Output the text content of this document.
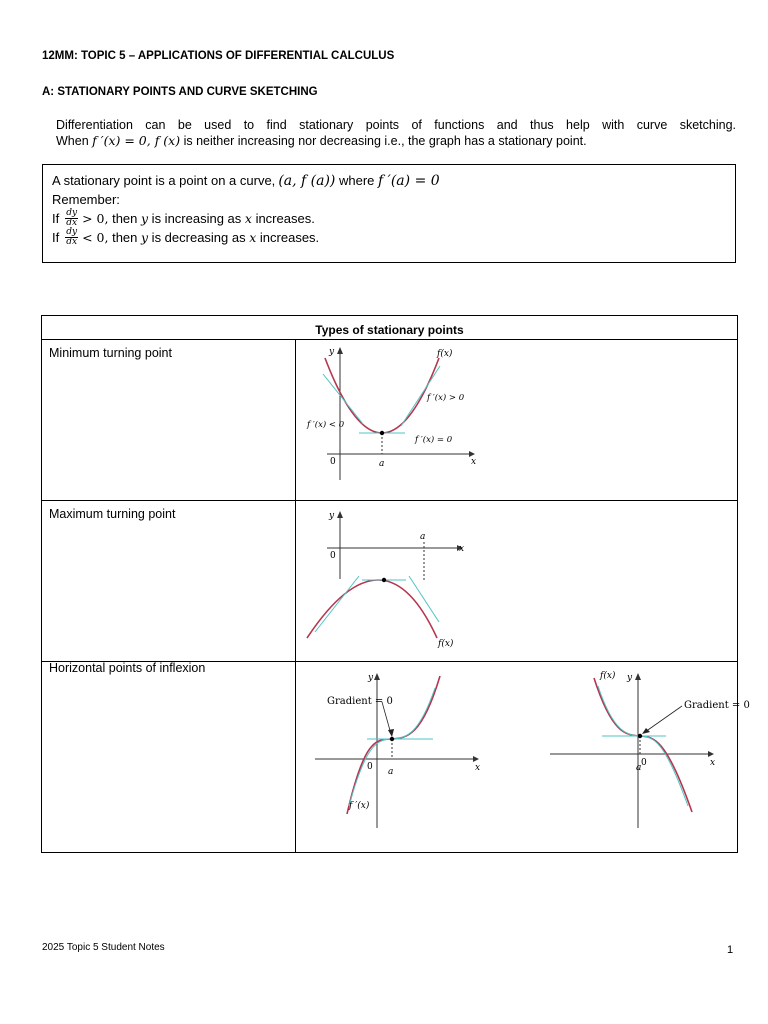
12MM: TOPIC 5 – APPLICATIONS OF DIFFERENTIAL CALCULUS
A: STATIONARY POINTS AND CURVE SKETCHING
Differentiation can be used to find stationary points of functions and thus help with curve sketching.
When f ′(x) = 0, f (x) is neither increasing nor decreasing i.e., the graph has a stationary point.
A stationary point is a point on a curve, (a, f (a)) where f ′(a) = 0
Remember:
If $\frac{dy}{dx} > 0$, then y is increasing as x increases.
If $\frac{dy}{dx} < 0$, then y is decreasing as x increases.
Types of stationary points
Minimum turning point
Maximum turning point
Horizontal points of inflexion
y
x
0	a
f(x)
f ′(x) > 0
f ′(x) < 0
f ′(x) = 0
y
x
0
a
f(x)
y
x
0 a
Gradient = 0
f ′(x)
y
x
0
a
Gradient = 0
f(x)
2025 Topic 5 Student Notes	1
